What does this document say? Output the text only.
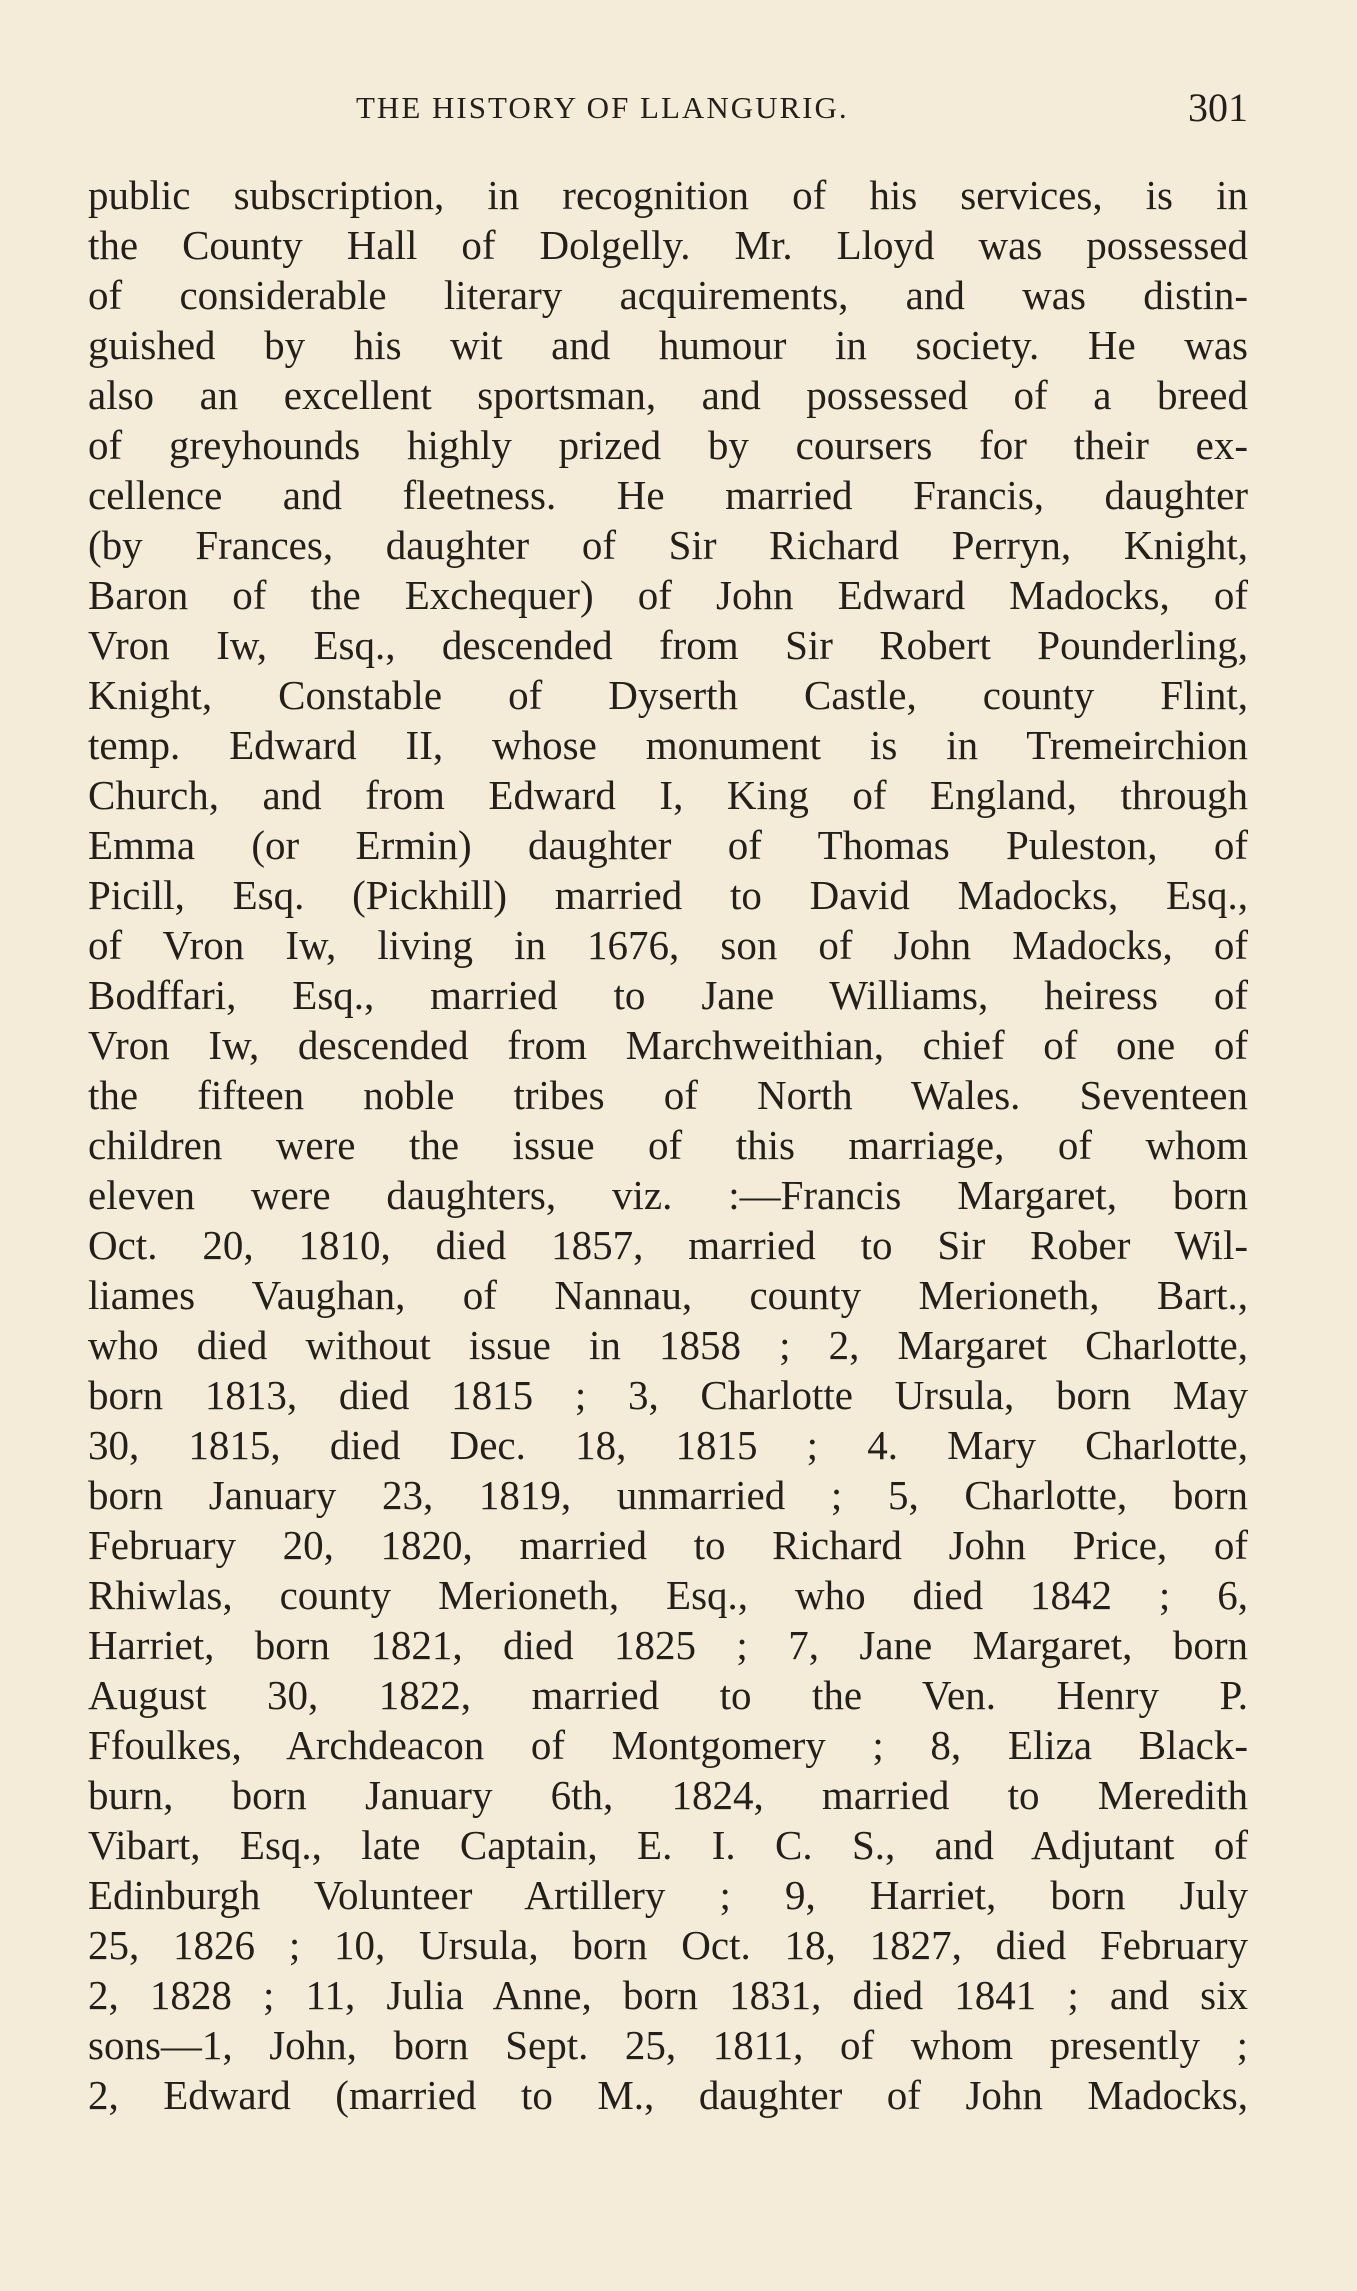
THE HISTORY OF LLANGURIG.	301
public subscription, in recognition of his services, is in
the County Hall of Dolgelly. Mr. Lloyd was possessed
of considerable literary acquirements, and was distin-
guished by his wit and humour in society. He was
also an excellent sportsman, and possessed of a breed
of greyhounds highly prized by coursers for their ex-
cellence and fleetness. He married Francis, daughter
(by Frances, daughter of Sir Richard Perryn, Knight,
Baron of the Exchequer) of John Edward Madocks, of
Vron Iw, Esq., descended from Sir Robert Pounderling,
Knight, Constable of Dyserth Castle, county Flint,
temp. Edward II, whose monument is in Tremeirchion
Church, and from Edward I, King of England, through
Emma (or Ermin) daughter of Thomas Puleston, of
Picill, Esq. (Pickhill) married to David Madocks, Esq.,
of Vron Iw, living in 1676, son of John Madocks, of
Bodffari, Esq., married to Jane Williams, heiress of
Vron Iw, descended from Marchweithian, chief of one of
the fifteen noble tribes of North Wales. Seventeen
children were the issue of this marriage, of whom
eleven were daughters, viz. :—Francis Margaret, born
Oct. 20, 1810, died 1857, married to Sir Rober Wil-
liames Vaughan, of Nannau, county Merioneth, Bart.,
who died without issue in 1858 ; 2, Margaret Charlotte,
born 1813, died 1815 ; 3, Charlotte Ursula, born May
30, 1815, died Dec. 18, 1815 ; 4. Mary Charlotte,
born January 23, 1819, unmarried ; 5, Charlotte, born
February 20, 1820, married to Richard John Price, of
Rhiwlas, county Merioneth, Esq., who died 1842 ; 6,
Harriet, born 1821, died 1825 ; 7, Jane Margaret, born
August 30, 1822, married to the Ven. Henry P.
Ffoulkes, Archdeacon of Montgomery ; 8, Eliza Black-
burn, born January 6th, 1824, married to Meredith
Vibart, Esq., late Captain, E. I. C. S., and Adjutant of
Edinburgh Volunteer Artillery ; 9, Harriet, born July
25, 1826 ; 10, Ursula, born Oct. 18, 1827, died February
2, 1828 ; 11, Julia Anne, born 1831, died 1841 ; and six
sons—1, John, born Sept. 25, 1811, of whom presently ;
2, Edward (married to M., daughter of John Madocks,
